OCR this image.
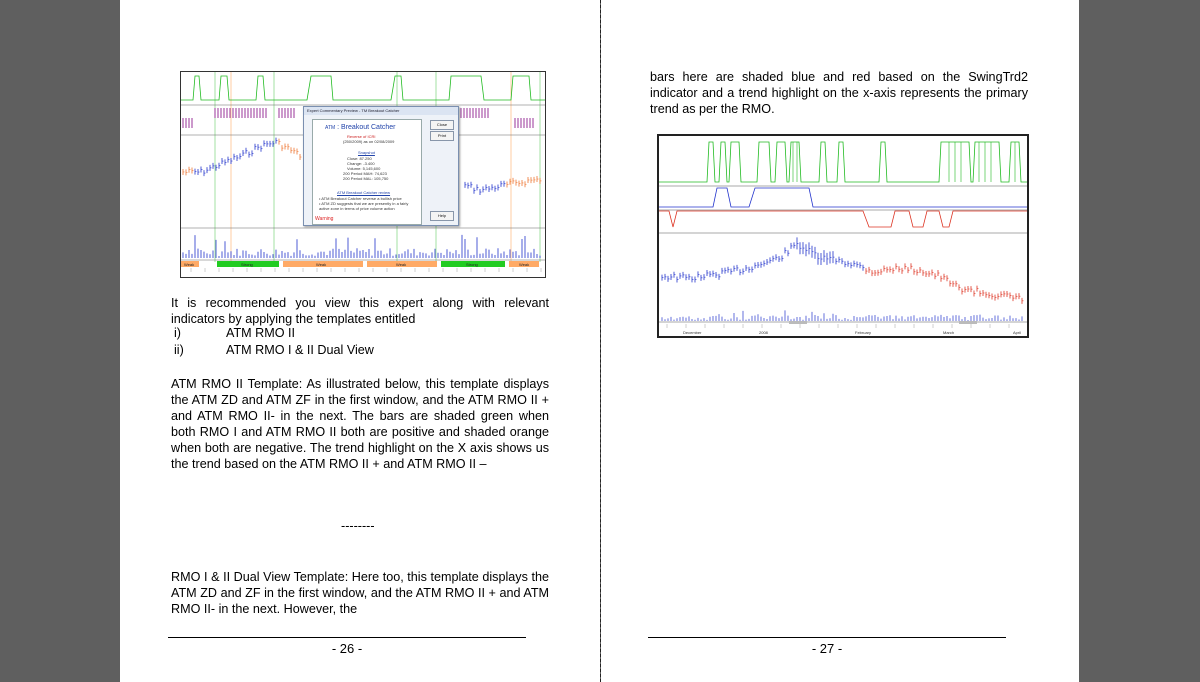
Weak	Strong	Weak	Weak	Strong	Weak
Expert Commentary Preview - TM Breakout Catcher
ATM : Breakout Catcher
Reverse of ICRI
(250/2009) as on 02/08/2009
Snapshot
Close: 87.250
Change: -3.400
Volume: 5,145,600
200 Period MAH: 74,623
200 Period MAL: 105,750
ATM Breakout Catcher review
• ATM Breakout Catcher reverse a bullish price
• ATM ZD suggests that we are presently in a fairly
active zone in terms of price volume action
Warning
Close
Print
Help

It is recommended you view this expert along with relevant indicators by applying the templates entitled

i)	ATM RMO II
ii)	ATM RMO I & II Dual View

ATM RMO II Template: As illustrated below, this template displays the ATM ZD and ATM ZF in the first window, and the ATM RMO II + and ATM RMO II- in the next. The bars are shaded green when both RMO I and ATM RMO II both are positive and shaded orange when both are negative. The trend highlight on the X axis shows us the trend based on the ATM RMO II + and ATM RMO II –

--------

RMO I & II Dual View Template: Here too, this template displays the ATM ZD and ZF in the first window, and the ATM RMO II + and ATM RMO II- in the next. However, the

- 26 -

bars here are shaded blue and red based on the SwingTrd2 indicator and a trend highlight on the x-axis represents the primary trend as per the RMO.

December	2008	February	March	April
- 27 -
